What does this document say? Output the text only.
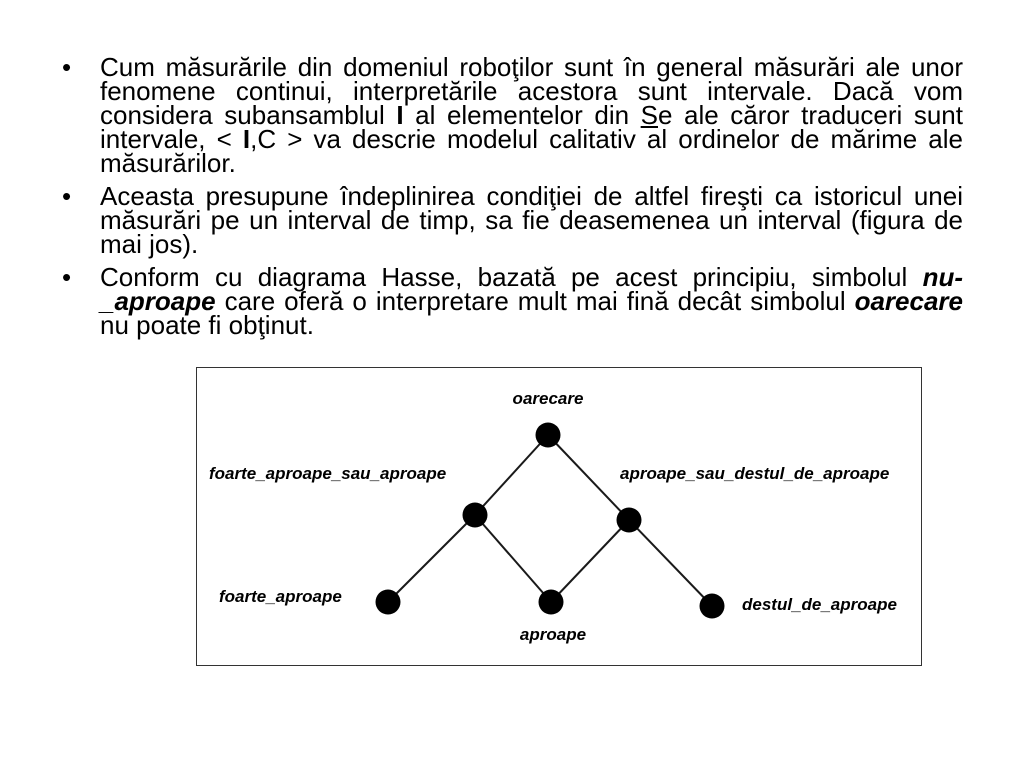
• Cum măsurările din domeniul roboţilor sunt în general măsurări ale unor fenomene continui, interpretările acestora sunt intervale. Dacă vom considera subansamblul I al elementelor din Se ale căror traduceri sunt intervale, < I,C > va descrie modelul calitativ al ordinelor de mărime ale măsurărilor.

• Aceasta presupune îndeplinirea condiţiei de altfel fireşti ca istoricul unei măsurări pe un interval de timp, sa fie deasemenea un interval (figura de mai jos).

• Conform cu diagrama Hasse, bazată pe acest principiu, simbolul nu-_aproape care oferă o interpretare mult mai fină decât simbolul oarecare nu poate fi obţinut.

oarecare
foarte_aproape_sau_aproape	aproape_sau_destul_de_aproape
foarte_aproape
aproape
destul_de_aproape
